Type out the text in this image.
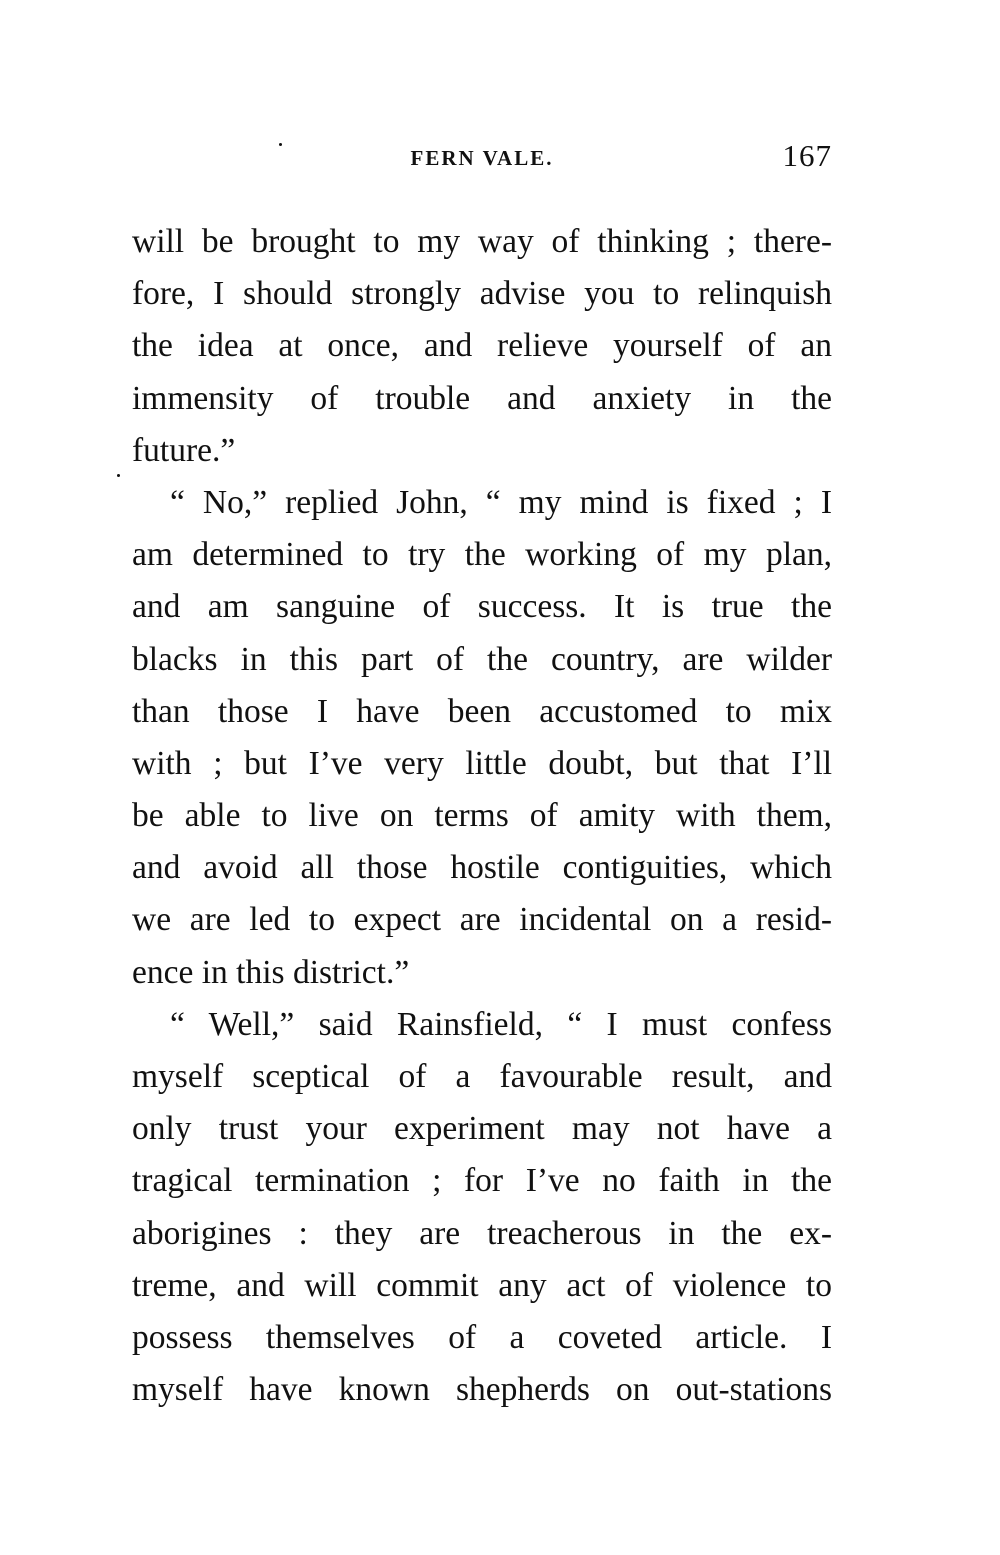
FERN VALE.	167
will be brought to my way of thinking ; there-
fore, I should strongly advise you to relinquish
the idea at once, and relieve yourself of an
immensity of trouble and anxiety in the
future.”
“ No,” replied John, “ my mind is fixed ; I
am determined to try the working of my plan,
and am sanguine of success. It is true the
blacks in this part of the country, are wilder
than those I have been accustomed to mix
with ; but I’ve very little doubt, but that I’ll
be able to live on terms of amity with them,
and avoid all those hostile contiguities, which
we are led to expect are incidental on a resid-
ence in this district.”
“ Well,” said Rainsfield, “ I must confess
myself sceptical of a favourable result, and
only trust your experiment may not have a
tragical termination ; for I’ve no faith in the
aborigines : they are treacherous in the ex-
treme, and will commit any act of violence to
possess themselves of a coveted article. I
myself have known shepherds on out-stations
